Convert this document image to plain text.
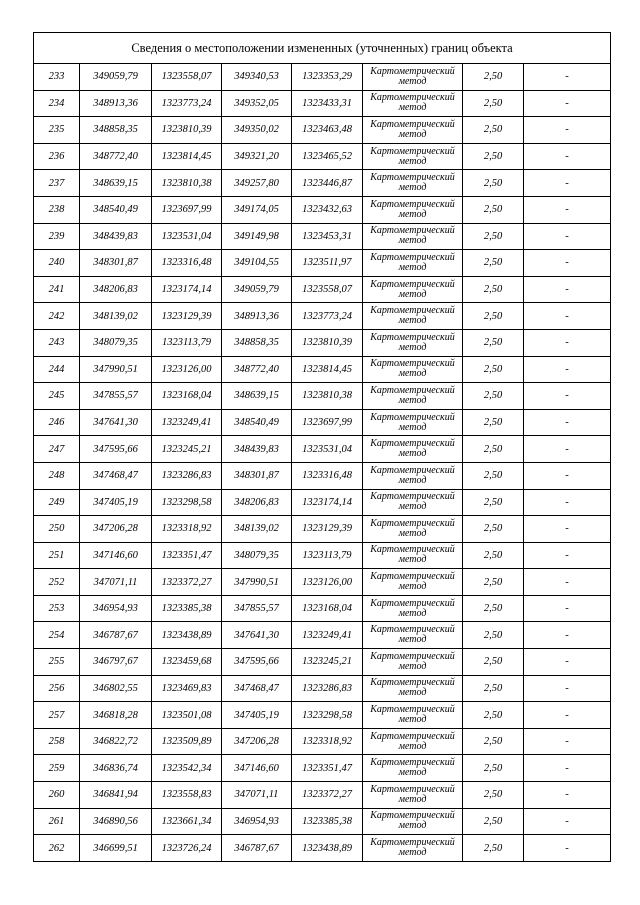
Сведения о местоположении измененных (уточненных) границ объекта							
233	349059,79	1323558,07	349340,53	1323353,29	Картометрический метод	2,50	-
234	348913,36	1323773,24	349352,05	1323433,31	Картометрический метод	2,50	-
235	348858,35	1323810,39	349350,02	1323463,48	Картометрический метод	2,50	-
236	348772,40	1323814,45	349321,20	1323465,52	Картометрический метод	2,50	-
237	348639,15	1323810,38	349257,80	1323446,87	Картометрический метод	2,50	-
238	348540,49	1323697,99	349174,05	1323432,63	Картометрический метод	2,50	-
239	348439,83	1323531,04	349149,98	1323453,31	Картометрический метод	2,50	-
240	348301,87	1323316,48	349104,55	1323511,97	Картометрический метод	2,50	-
241	348206,83	1323174,14	349059,79	1323558,07	Картометрический метод	2,50	-
242	348139,02	1323129,39	348913,36	1323773,24	Картометрический метод	2,50	-
243	348079,35	1323113,79	348858,35	1323810,39	Картометрический метод	2,50	-
244	347990,51	1323126,00	348772,40	1323814,45	Картометрический метод	2,50	-
245	347855,57	1323168,04	348639,15	1323810,38	Картометрический метод	2,50	-
246	347641,30	1323249,41	348540,49	1323697,99	Картометрический метод	2,50	-
247	347595,66	1323245,21	348439,83	1323531,04	Картометрический метод	2,50	-
248	347468,47	1323286,83	348301,87	1323316,48	Картометрический метод	2,50	-
249	347405,19	1323298,58	348206,83	1323174,14	Картометрический метод	2,50	-
250	347206,28	1323318,92	348139,02	1323129,39	Картометрический метод	2,50	-
251	347146,60	1323351,47	348079,35	1323113,79	Картометрический метод	2,50	-
252	347071,11	1323372,27	347990,51	1323126,00	Картометрический метод	2,50	-
253	346954,93	1323385,38	347855,57	1323168,04	Картометрический метод	2,50	-
254	346787,67	1323438,89	347641,30	1323249,41	Картометрический метод	2,50	-
255	346797,67	1323459,68	347595,66	1323245,21	Картометрический метод	2,50	-
256	346802,55	1323469,83	347468,47	1323286,83	Картометрический метод	2,50	-
257	346818,28	1323501,08	347405,19	1323298,58	Картометрический метод	2,50	-
258	346822,72	1323509,89	347206,28	1323318,92	Картометрический метод	2,50	-
259	346836,74	1323542,34	347146,60	1323351,47	Картометрический метод	2,50	-
260	346841,94	1323558,83	347071,11	1323372,27	Картометрический метод	2,50	-
261	346890,56	1323661,34	346954,93	1323385,38	Картометрический метод	2,50	-
262	346699,51	1323726,24	346787,67	1323438,89	Картометрический метод	2,50	-
